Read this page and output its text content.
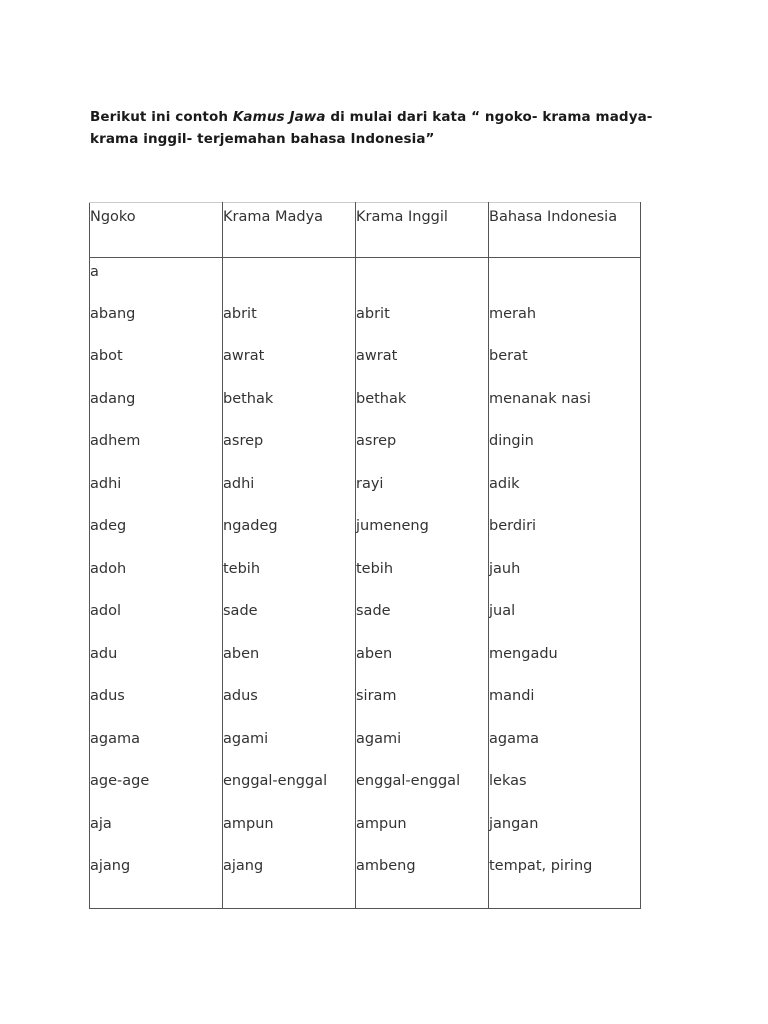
Berikut ini contoh Kamus Jawa di mulai dari kata “ ngoko- krama madya- krama inggil- terjemahan bahasa Indonesia”

Ngoko	Krama Madya	Krama Inggil	Bahasa Indonesia
a			
abang	abrit	abrit	merah
abot	awrat	awrat	berat
adang	bethak	bethak	menanak nasi
adhem	asrep	asrep	dingin
adhi	adhi	rayi	adik
adeg	ngadeg	jumeneng	berdiri
adoh	tebih	tebih	jauh
adol	sade	sade	jual
adu	aben	aben	mengadu
adus	adus	siram	mandi
agama	agami	agami	agama
age-age	enggal-enggal	enggal-enggal	lekas
aja	ampun	ampun	jangan
ajang	ajang	ambeng	tempat, piring
